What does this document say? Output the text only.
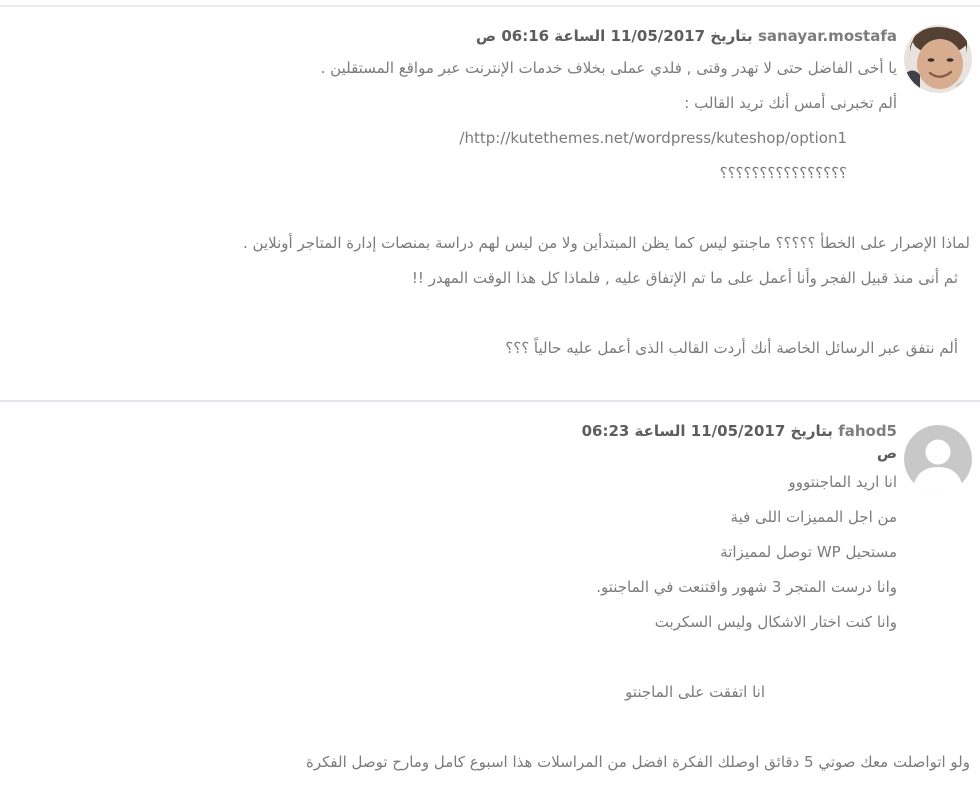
sanayar.mostafa بتاريخ 11/05/2017 الساعة 06:16 ص

يا أخى الفاضل حتى لا تهدر وقتى , فلدي عملى بخلاف خدمات الإنترنت عبر مواقع المستقلين .

ألم تخبرنى أمس أنك تريد القالب :

http://kutethemes.net/wordpress/kuteshop/option1/

؟؟؟؟؟؟؟؟؟؟؟؟؟؟؟؟

لماذا الإصرار على الخطأ ؟؟؟؟؟ ماجنتو ليس كما يظن المبتدأين ولا من ليس لهم دراسة بمنصات إدارة المتاجر أونلاين .

ثم أنى منذ قبيل الفجر وأنا أعمل على ما تم الإتفاق عليه , فلماذا كل هذا الوقت المهدر !!

ألم نتفق عبر الرسائل الخاصة أنك أردت القالب الذى أعمل عليه حالياً ؟؟؟

fahod5 بتاريخ 11/05/2017 الساعة 06:23
ص

انا اريد الماجنتووو

من اجل المميزات اللى فية

مستحيل WP توصل لمميزاتة

وانا درست المتجر 3 شهور واقتنعت في الماجنتو.

وانا كنت اختار الاشكال وليس السكربت

انا اتفقت على الماجنتو

ولو اتواصلت معك صوتي 5 دقائق اوصلك الفكرة افضل من المراسلات هذا اسبوع كامل ومارح توصل الفكرة
